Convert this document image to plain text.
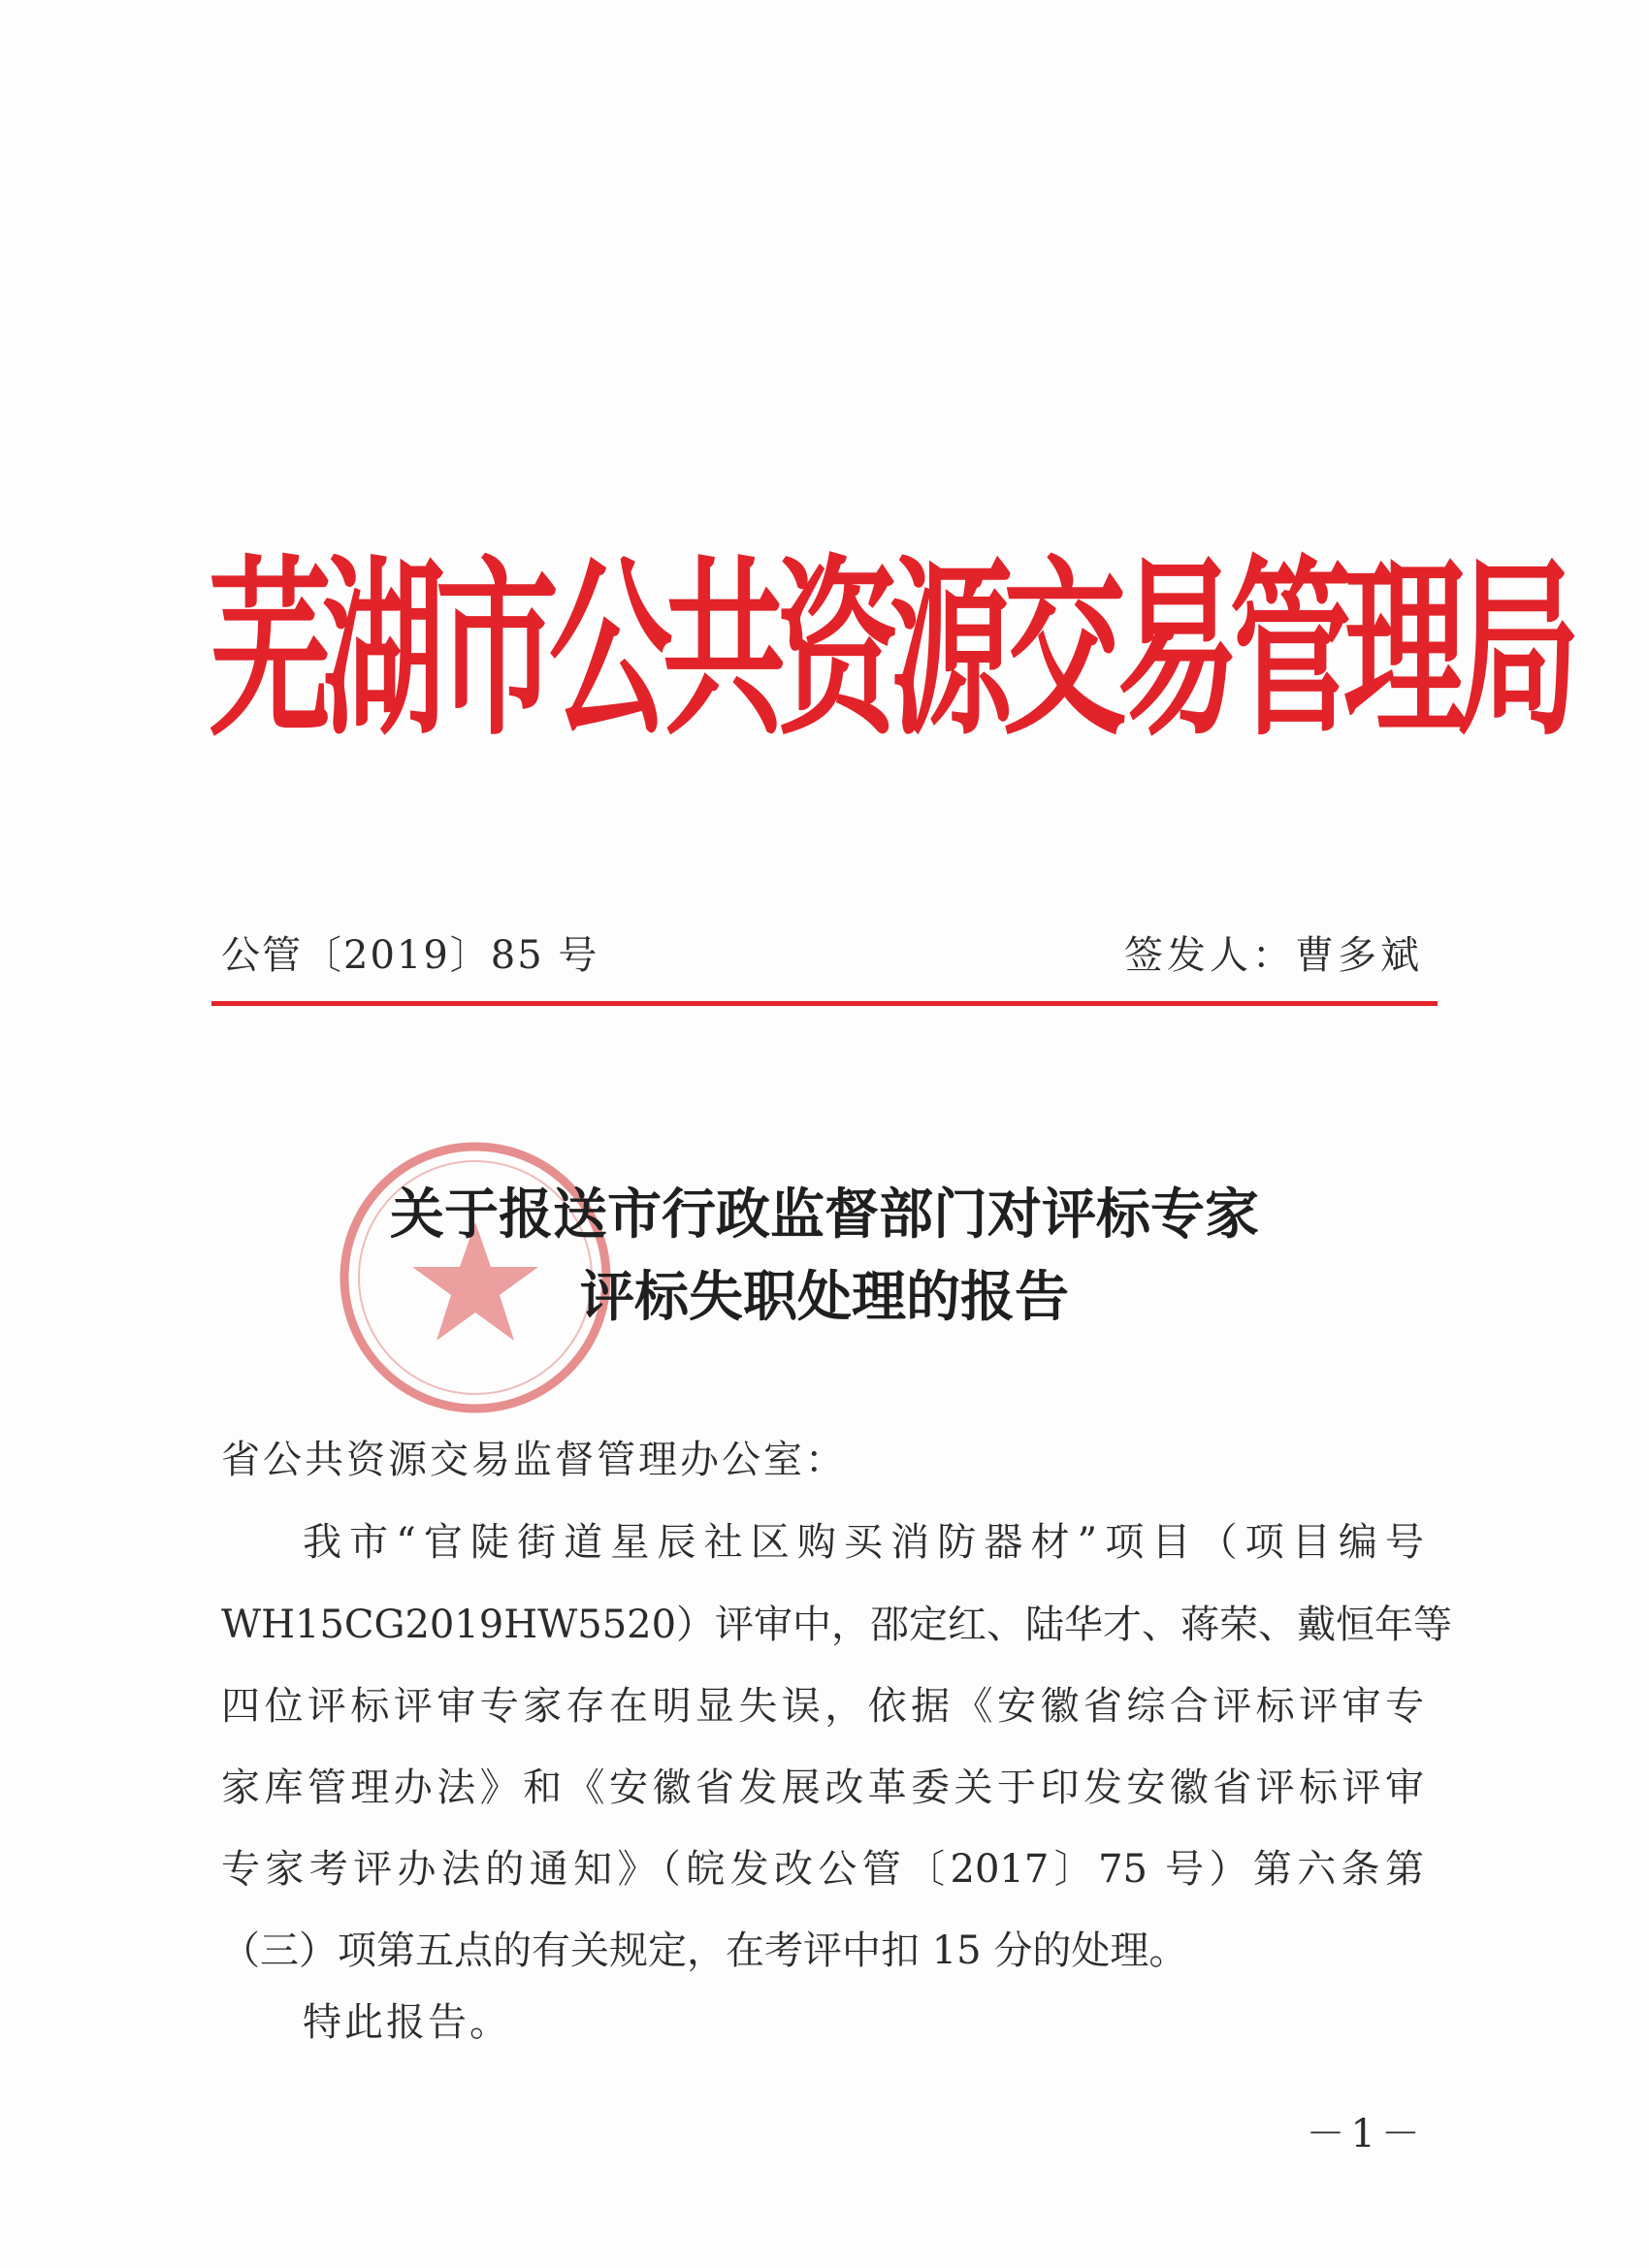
芜湖市公共资源交易管理局
公管〔2019〕85 号	签发人：曹多斌
关于报送市行政监督部门对评标专家
评标失职处理的报告
省公共资源交易监督管理办公室：
我市“官陡街道星辰社区购买消防器材”项目（项目编号
WH15CG2019HW5520）评审中，邵定红、陆华才、蒋荣、戴恒年等
四位评标评审专家存在明显失误，依据《安徽省综合评标评审专
家库管理办法》和《安徽省发展改革委关于印发安徽省评标评审
专家考评办法的通知》（皖发改公管〔2017〕75 号）第六条第
（三）项第五点的有关规定，在考评中扣 15 分的处理。
特此报告。
－1－
